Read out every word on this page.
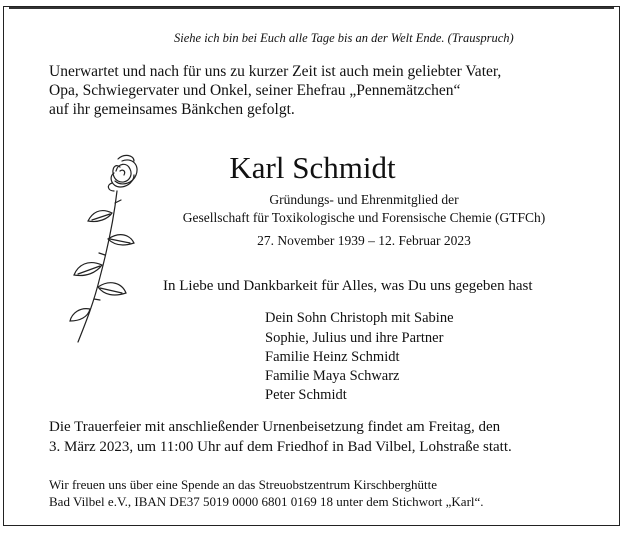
Siehe ich bin bei Euch alle Tage bis an der Welt Ende. (Trauspruch)
Unerwartet und nach für uns zu kurzer Zeit ist auch mein geliebter Vater,
Opa, Schwiegervater und Onkel, seiner Ehefrau „Pennemätzchen“
auf ihr gemeinsames Bänkchen gefolgt.
Karl Schmidt
Gründungs- und Ehrenmitglied der
Gesellschaft für Toxikologische und Forensische Chemie (GTFCh)
27. November 1939 – 12. Februar 2023
In Liebe und Dankbarkeit für Alles, was Du uns gegeben hast
Dein Sohn Christoph mit Sabine
Sophie, Julius und ihre Partner
Familie Heinz Schmidt
Familie Maya Schwarz
Peter Schmidt
Die Trauerfeier mit anschließender Urnenbeisetzung findet am Freitag, den
3. März 2023, um 11:00 Uhr auf dem Friedhof in Bad Vilbel, Lohstraße statt.
Wir freuen uns über eine Spende an das Streuobstzentrum Kirschberghütte
Bad Vilbel e.V., IBAN DE37 5019 0000 6801 0169 18 unter dem Stichwort „Karl“.
